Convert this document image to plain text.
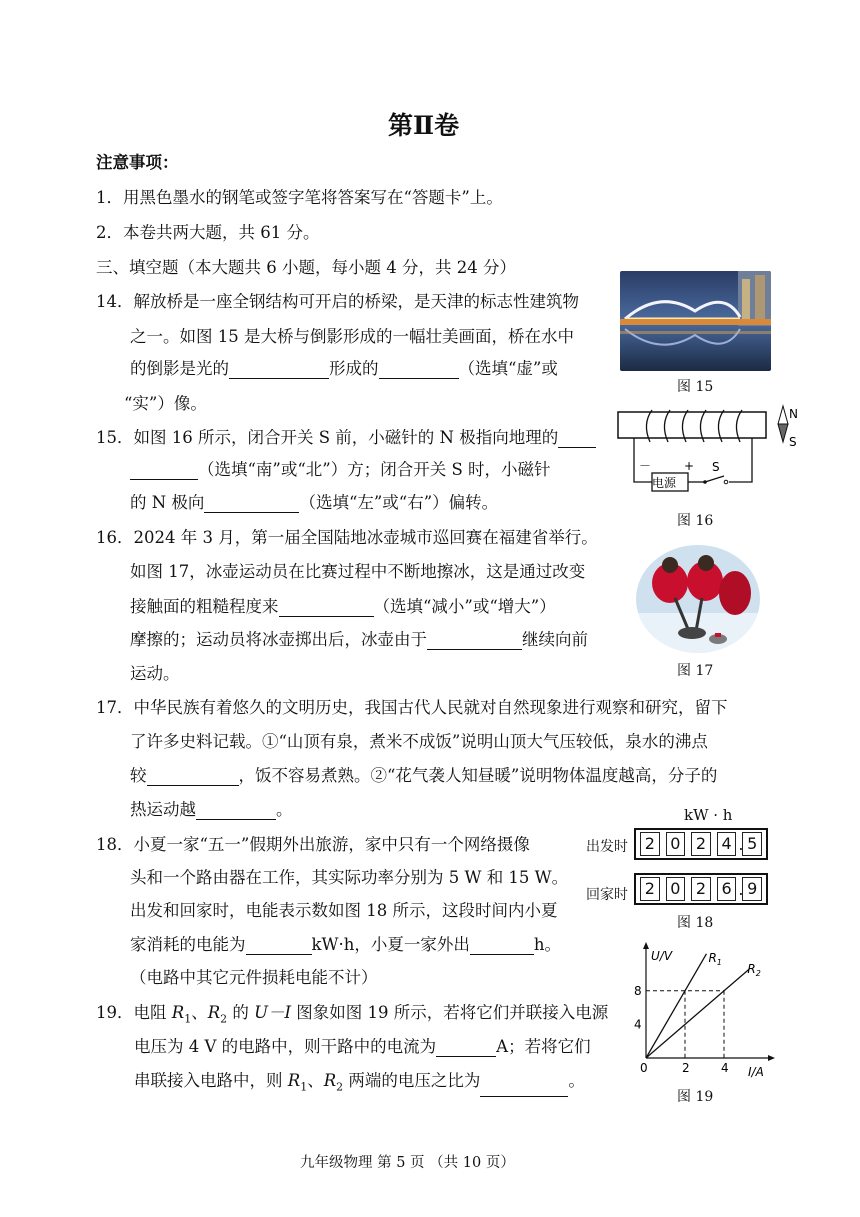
第Ⅱ卷
注意事项：
1．用黑色墨水的钢笔或签字笔将答案写在“答题卡”上。
2．本卷共两大题，共 61 分。
三、填空题（本大题共 6 小题，每小题 4 分，共 24 分）
14．解放桥是一座全钢结构可开启的桥梁，是天津的标志性建筑物
之一。如图 15 是大桥与倒影形成的一幅壮美画面，桥在水中
的倒影是光的	形成的	（选填“虚”或
“实”）像。
图 15
15．如图 16 所示，闭合开关 S 前，小磁针的 N 极指向地理的
（选填“南”或“北”）方；闭合开关 S 时，小磁针
的 N 极向	（选填“左”或“右”）偏转。
电源
－	+ S
N
S
图 16
16．2024 年 3 月，第一届全国陆地冰壶城市巡回赛在福建省举行。
如图 17，冰壶运动员在比赛过程中不断地擦冰，这是通过改变
接触面的粗糙程度来	（选填“减小”或“增大”）
摩擦的；运动员将冰壶掷出后，冰壶由于	继续向前
运动。	图 17
17．中华民族有着悠久的文明历史，我国古代人民就对自然现象进行观察和研究，留下
了许多史料记载。①“山顶有泉，煮米不成饭”说明山顶大气压较低，泉水的沸点
较	，饭不容易煮熟。②“花气袭人知昼暖”说明物体温度越高，分子的
热运动越	。
18．小夏一家“五一”假期外出旅游，家中只有一个网络摄像
头和一个路由器在工作，其实际功率分别为 5 W 和 15 W。
出发和回家时，电能表示数如图 18 所示，这段时间内小夏
家消耗的电能为	kW·h，小夏一家外出	h。
（电路中其它元件损耗电能不计）
kW · h
出发时 2 0 2 4 . 5
回家时 2 0 2 6 . 9
图 18
19．电阻 $R_1$、$R_2$ 的 U－I 图象如图 19 所示，若将它们并联接入电源
电压为 4 V 的电路中，则干路中的电流为	A；若将它们
串联接入电路中，则 $R_1$、$R_2$ 两端的电压之比为	。
$R_1$ $R_2$
0	2	4
4
8
I/A
U/V
图 19
九年级物理 第 5 页 （共 10 页）
